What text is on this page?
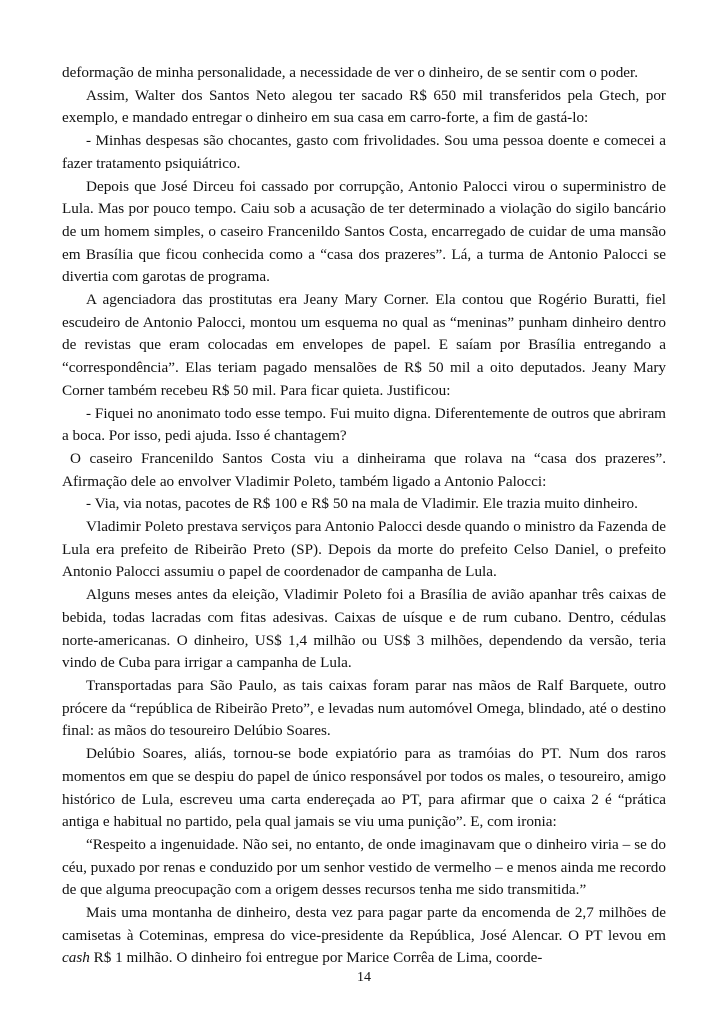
deformação de minha personalidade, a necessidade de ver o dinheiro, de se sentir com o poder.

Assim, Walter dos Santos Neto alegou ter sacado R$ 650 mil transferidos pela Gtech, por exemplo, e mandado entregar o dinheiro em sua casa em carro-forte, a fim de gastá-lo:

- Minhas despesas são chocantes, gasto com frivolidades. Sou uma pessoa doente e comecei a fazer tratamento psiquiátrico.

Depois que José Dirceu foi cassado por corrupção, Antonio Palocci virou o superministro de Lula. Mas por pouco tempo. Caiu sob a acusação de ter determinado a violação do sigilo bancário de um homem simples, o caseiro Francenildo Santos Costa, encarregado de cuidar de uma mansão em Brasília que ficou conhecida como a “casa dos prazeres”. Lá, a turma de Antonio Palocci se divertia com garotas de programa.

A agenciadora das prostitutas era Jeany Mary Corner. Ela contou que Rogério Buratti, fiel escudeiro de Antonio Palocci, montou um esquema no qual as “meninas” punham dinheiro dentro de revistas que eram colocadas em envelopes de papel. E saíam por Brasília entregando a “correspondência”. Elas teriam pagado mensalões de R$ 50 mil a oito deputados. Jeany Mary Corner também recebeu R$ 50 mil. Para ficar quieta. Justificou:

- Fiquei no anonimato todo esse tempo. Fui muito digna. Diferentemente de outros que abriram a boca. Por isso, pedi ajuda. Isso é chantagem?

O caseiro Francenildo Santos Costa viu a dinheirama que rolava na “casa dos prazeres”. Afirmação dele ao envolver Vladimir Poleto, também ligado a Antonio Palocci:

- Via, via notas, pacotes de R$ 100 e R$ 50 na mala de Vladimir. Ele trazia muito dinheiro.

Vladimir Poleto prestava serviços para Antonio Palocci desde quando o ministro da Fazenda de Lula era prefeito de Ribeirão Preto (SP). Depois da morte do prefeito Celso Daniel, o prefeito Antonio Palocci assumiu o papel de coordenador de campanha de Lula.

Alguns meses antes da eleição, Vladimir Poleto foi a Brasília de avião apanhar três caixas de bebida, todas lacradas com fitas adesivas. Caixas de uísque e de rum cubano. Dentro, cédulas norte-americanas. O dinheiro, US$ 1,4 milhão ou US$ 3 milhões, dependendo da versão, teria vindo de Cuba para irrigar a campanha de Lula.

Transportadas para São Paulo, as tais caixas foram parar nas mãos de Ralf Barquete, outro prócere da “república de Ribeirão Preto”, e levadas num automóvel Omega, blindado, até o destino final: as mãos do tesoureiro Delúbio Soares.

Delúbio Soares, aliás, tornou-se bode expiatório para as tramóias do PT. Num dos raros momentos em que se despiu do papel de único responsável por todos os males, o tesoureiro, amigo histórico de Lula, escreveu uma carta endereçada ao PT, para afirmar que o caixa 2 é “prática antiga e habitual no partido, pela qual jamais se viu uma punição”. E, com ironia:

“Respeito a ingenuidade. Não sei, no entanto, de onde imaginavam que o dinheiro viria – se do céu, puxado por renas e conduzido por um senhor vestido de vermelho – e menos ainda me recordo de que alguma preocupação com a origem desses recursos tenha me sido transmitida.”

Mais uma montanha de dinheiro, desta vez para pagar parte da encomenda de 2,7 milhões de camisetas à Coteminas, empresa do vice-presidente da República, José Alencar. O PT levou em cash R$ 1 milhão. O dinheiro foi entregue por Marice Corrêa de Lima, coorde-

14
